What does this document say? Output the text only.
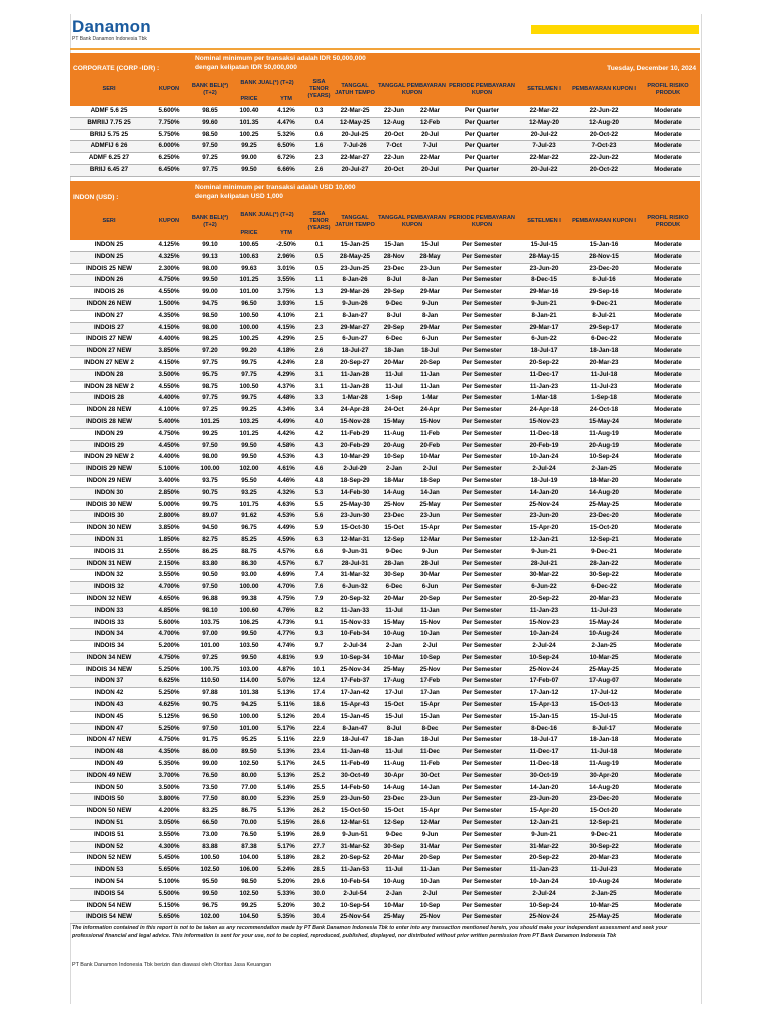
Danamon
PT Bank Danamon Indonesia Tbk
Nominal minimum per transaksi adalah IDR 50,000,000
dengan kelipatan IDR 50,000,000
CORPORATE (CORP -IDR) :	Tuesday, December 10, 2024
SERI	KUPON	BANK BELI(*) (T+2)	BANK JUAL(*) (T+2)		SISA TENOR (YEARS)	TANGGAL JATUH TEMPO	TANGGAL PEMBAYARAN KUPON		PERIODE PEMBAYARAN KUPON	SETELMEN I	PEMBAYARAN KUPON I	PROFIL RISIKO PRODUK
			PRICE	YTM								
ADMF 5.6 25	5.600%	98.65	100.40	4.12%	0.3	22-Mar-25	22-Jun	22-Mar	Per Quarter	22-Mar-22	22-Jun-22	Moderate
BMRIIJ 7.75 25	7.750%	99.60	101.35	4.47%	0.4	12-May-25	12-Aug	12-Feb	Per Quarter	12-May-20	12-Aug-20	Moderate
BRIIJ 5.75 25	5.750%	98.50	100.25	5.32%	0.6	20-Jul-25	20-Oct	20-Jul	Per Quarter	20-Jul-22	20-Oct-22	Moderate
ADMFIJ 6 26	6.000%	97.50	99.25	6.50%	1.6	7-Jul-26	7-Oct	7-Jul	Per Quarter	7-Jul-23	7-Oct-23	Moderate
ADMF 6.25 27	6.250%	97.25	99.00	6.72%	2.3	22-Mar-27	22-Jun	22-Mar	Per Quarter	22-Mar-22	22-Jun-22	Moderate
BRIIJ 6.45 27	6.450%	97.75	99.50	6.66%	2.6	20-Jul-27	20-Oct	20-Jul	Per Quarter	20-Jul-22	20-Oct-22	Moderate
Nominal minimum per transaksi adalah USD 10,000
dengan kelipatan USD 1,000
INDON (USD) :
SERI	KUPON	BANK BELI(*) (T+2)	BANK JUAL(*) (T+2)		SISA TENOR (YEARS)	TANGGAL JATUH TEMPO	TANGGAL PEMBAYARAN KUPON		PERIODE PEMBAYARAN KUPON	SETELMEN I	PEMBAYARAN KUPON I	PROFIL RISIKO PRODUK
			PRICE	YTM								
INDON 25	4.125%	99.10	100.65	-2.50%	0.1	15-Jan-25	15-Jan	15-Jul	Per Semester	15-Jul-15	15-Jan-16	Moderate
INDON 25	4.325%	99.13	100.63	2.96%	0.5	28-May-25	28-Nov	28-May	Per Semester	28-May-15	28-Nov-15	Moderate
INDOIS 25 NEW	2.300%	98.00	99.63	3.01%	0.5	23-Jun-25	23-Dec	23-Jun	Per Semester	23-Jun-20	23-Dec-20	Moderate
INDON 26	4.750%	99.50	101.25	3.55%	1.1	8-Jan-26	8-Jul	8-Jan	Per Semester	8-Dec-15	8-Jul-16	Moderate
INDOIS 26	4.550%	99.00	101.00	3.75%	1.3	29-Mar-26	29-Sep	29-Mar	Per Semester	29-Mar-16	29-Sep-16	Moderate
INDON 26 NEW	1.500%	94.75	96.50	3.93%	1.5	9-Jun-26	9-Dec	9-Jun	Per Semester	9-Jun-21	9-Dec-21	Moderate
INDON 27	4.350%	98.50	100.50	4.10%	2.1	8-Jan-27	8-Jul	8-Jan	Per Semester	8-Jan-21	8-Jul-21	Moderate
INDOIS 27	4.150%	98.00	100.00	4.15%	2.3	29-Mar-27	29-Sep	29-Mar	Per Semester	29-Mar-17	29-Sep-17	Moderate
INDOIS 27 NEW	4.400%	98.25	100.25	4.29%	2.5	6-Jun-27	6-Dec	6-Jun	Per Semester	6-Jun-22	6-Dec-22	Moderate
INDON 27 NEW	3.850%	97.20	99.20	4.18%	2.6	18-Jul-27	18-Jan	18-Jul	Per Semester	18-Jul-17	18-Jan-18	Moderate
INDON 27 NEW 2	4.150%	97.75	99.75	4.24%	2.8	20-Sep-27	20-Mar	20-Sep	Per Semester	20-Sep-22	20-Mar-23	Moderate
INDON 28	3.500%	95.75	97.75	4.29%	3.1	11-Jan-28	11-Jul	11-Jan	Per Semester	11-Dec-17	11-Jul-18	Moderate
INDON 28 NEW 2	4.550%	98.75	100.50	4.37%	3.1	11-Jan-28	11-Jul	11-Jan	Per Semester	11-Jan-23	11-Jul-23	Moderate
INDOIS 28	4.400%	97.75	99.75	4.48%	3.3	1-Mar-28	1-Sep	1-Mar	Per Semester	1-Mar-18	1-Sep-18	Moderate
INDON 28 NEW	4.100%	97.25	99.25	4.34%	3.4	24-Apr-28	24-Oct	24-Apr	Per Semester	24-Apr-18	24-Oct-18	Moderate
INDOIS 28 NEW	5.400%	101.25	103.25	4.49%	4.0	15-Nov-28	15-May	15-Nov	Per Semester	15-Nov-23	15-May-24	Moderate
INDON 29	4.750%	99.25	101.25	4.42%	4.2	11-Feb-29	11-Aug	11-Feb	Per Semester	11-Dec-18	11-Aug-19	Moderate
INDOIS 29	4.450%	97.50	99.50	4.58%	4.3	20-Feb-29	20-Aug	20-Feb	Per Semester	20-Feb-19	20-Aug-19	Moderate
INDON 29 NEW 2	4.400%	98.00	99.50	4.53%	4.3	10-Mar-29	10-Sep	10-Mar	Per Semester	10-Jan-24	10-Sep-24	Moderate
INDOIS 29 NEW	5.100%	100.00	102.00	4.61%	4.6	2-Jul-29	2-Jan	2-Jul	Per Semester	2-Jul-24	2-Jan-25	Moderate
INDON 29 NEW	3.400%	93.75	95.50	4.46%	4.8	18-Sep-29	18-Mar	18-Sep	Per Semester	18-Jul-19	18-Mar-20	Moderate
INDON 30	2.850%	90.75	93.25	4.32%	5.3	14-Feb-30	14-Aug	14-Jan	Per Semester	14-Jan-20	14-Aug-20	Moderate
INDOIS 30 NEW	5.000%	99.75	101.75	4.63%	5.5	25-May-30	25-Nov	25-May	Per Semester	25-Nov-24	25-May-25	Moderate
INDOIS 30	2.800%	89.07	91.62	4.53%	5.6	23-Jun-30	23-Dec	23-Jun	Per Semester	23-Jun-20	23-Dec-20	Moderate
INDON 30 NEW	3.850%	94.50	96.75	4.49%	5.9	15-Oct-30	15-Oct	15-Apr	Per Semester	15-Apr-20	15-Oct-20	Moderate
INDON 31	1.850%	82.75	85.25	4.59%	6.3	12-Mar-31	12-Sep	12-Mar	Per Semester	12-Jan-21	12-Sep-21	Moderate
INDOIS 31	2.550%	86.25	88.75	4.57%	6.6	9-Jun-31	9-Dec	9-Jun	Per Semester	9-Jun-21	9-Dec-21	Moderate
INDON 31 NEW	2.150%	83.80	86.30	4.57%	6.7	28-Jul-31	28-Jan	28-Jul	Per Semester	28-Jul-21	28-Jan-22	Moderate
INDON 32	3.550%	90.50	93.00	4.69%	7.4	31-Mar-32	30-Sep	30-Mar	Per Semester	30-Mar-22	30-Sep-22	Moderate
INDOIS 32	4.700%	97.50	100.00	4.70%	7.6	6-Jun-32	6-Dec	6-Jun	Per Semester	6-Jun-22	6-Dec-22	Moderate
INDON 32 NEW	4.650%	96.88	99.38	4.75%	7.9	20-Sep-32	20-Mar	20-Sep	Per Semester	20-Sep-22	20-Mar-23	Moderate
INDON 33	4.850%	98.10	100.60	4.76%	8.2	11-Jan-33	11-Jul	11-Jan	Per Semester	11-Jan-23	11-Jul-23	Moderate
INDOIS 33	5.600%	103.75	106.25	4.73%	9.1	15-Nov-33	15-May	15-Nov	Per Semester	15-Nov-23	15-May-24	Moderate
INDON 34	4.700%	97.00	99.50	4.77%	9.3	10-Feb-34	10-Aug	10-Jan	Per Semester	10-Jan-24	10-Aug-24	Moderate
INDOIS 34	5.200%	101.00	103.50	4.74%	9.7	2-Jul-34	2-Jan	2-Jul	Per Semester	2-Jul-24	2-Jan-25	Moderate
INDON 34 NEW	4.750%	97.25	99.50	4.81%	9.9	10-Sep-34	10-Mar	10-Sep	Per Semester	10-Sep-24	10-Mar-25	Moderate
INDOIS 34 NEW	5.250%	100.75	103.00	4.87%	10.1	25-Nov-34	25-May	25-Nov	Per Semester	25-Nov-24	25-May-25	Moderate
INDON 37	6.625%	110.50	114.00	5.07%	12.4	17-Feb-37	17-Aug	17-Feb	Per Semester	17-Feb-07	17-Aug-07	Moderate
INDON 42	5.250%	97.88	101.38	5.13%	17.4	17-Jan-42	17-Jul	17-Jan	Per Semester	17-Jan-12	17-Jul-12	Moderate
INDON 43	4.625%	90.75	94.25	5.11%	18.6	15-Apr-43	15-Oct	15-Apr	Per Semester	15-Apr-13	15-Oct-13	Moderate
INDON 45	5.125%	96.50	100.00	5.12%	20.4	15-Jan-45	15-Jul	15-Jan	Per Semester	15-Jan-15	15-Jul-15	Moderate
INDON 47	5.250%	97.50	101.00	5.17%	22.4	8-Jan-47	8-Jul	8-Dec	Per Semester	8-Dec-16	8-Jul-17	Moderate
INDON 47 NEW	4.750%	91.75	95.25	5.11%	22.9	18-Jul-47	18-Jan	18-Jul	Per Semester	18-Jul-17	18-Jan-18	Moderate
INDON 48	4.350%	86.00	89.50	5.13%	23.4	11-Jan-48	11-Jul	11-Dec	Per Semester	11-Dec-17	11-Jul-18	Moderate
INDON 49	5.350%	99.00	102.50	5.17%	24.5	11-Feb-49	11-Aug	11-Feb	Per Semester	11-Dec-18	11-Aug-19	Moderate
INDON 49 NEW	3.700%	76.50	80.00	5.13%	25.2	30-Oct-49	30-Apr	30-Oct	Per Semester	30-Oct-19	30-Apr-20	Moderate
INDON 50	3.500%	73.50	77.00	5.14%	25.5	14-Feb-50	14-Aug	14-Jan	Per Semester	14-Jan-20	14-Aug-20	Moderate
INDOIS 50	3.800%	77.50	80.00	5.23%	25.9	23-Jun-50	23-Dec	23-Jun	Per Semester	23-Jun-20	23-Dec-20	Moderate
INDON 50 NEW	4.200%	83.25	86.75	5.13%	26.2	15-Oct-50	15-Oct	15-Apr	Per Semester	15-Apr-20	15-Oct-20	Moderate
INDON 51	3.050%	66.50	70.00	5.15%	26.6	12-Mar-51	12-Sep	12-Mar	Per Semester	12-Jan-21	12-Sep-21	Moderate
INDOIS 51	3.550%	73.00	76.50	5.19%	26.9	9-Jun-51	9-Dec	9-Jun	Per Semester	9-Jun-21	9-Dec-21	Moderate
INDON 52	4.300%	83.88	87.38	5.17%	27.7	31-Mar-52	30-Sep	31-Mar	Per Semester	31-Mar-22	30-Sep-22	Moderate
INDON 52 NEW	5.450%	100.50	104.00	5.18%	28.2	20-Sep-52	20-Mar	20-Sep	Per Semester	20-Sep-22	20-Mar-23	Moderate
INDON 53	5.650%	102.50	106.00	5.24%	28.5	11-Jan-53	11-Jul	11-Jan	Per Semester	11-Jan-23	11-Jul-23	Moderate
INDON 54	5.100%	95.50	98.50	5.20%	29.6	10-Feb-54	10-Aug	10-Jan	Per Semester	10-Jan-24	10-Aug-24	Moderate
INDOIS 54	5.500%	99.50	102.50	5.33%	30.0	2-Jul-54	2-Jan	2-Jul	Per Semester	2-Jul-24	2-Jan-25	Moderate
INDON 54 NEW	5.150%	96.75	99.25	5.20%	30.2	10-Sep-54	10-Mar	10-Sep	Per Semester	10-Sep-24	10-Mar-25	Moderate
INDOIS 54 NEW	5.650%	102.00	104.50	5.35%	30.4	25-Nov-54	25-May	25-Nov	Per Semester	25-Nov-24	25-May-25	Moderate
The information contained in this report is not to be taken as any recommendation made by PT Bank Danamon Indonesia Tbk to enter into any transaction mentioned herein, you should make your independent assessment and seek your professional financial and legal advice. This information is sent for your use, not to be copied, reproduced, published, displayed, nor distributed without prior written permission from PT Bank Danamon Indonesia Tbk
PT Bank Danamon Indonesia Tbk berizin dan diawasi oleh Otoritas Jasa Keuangan
